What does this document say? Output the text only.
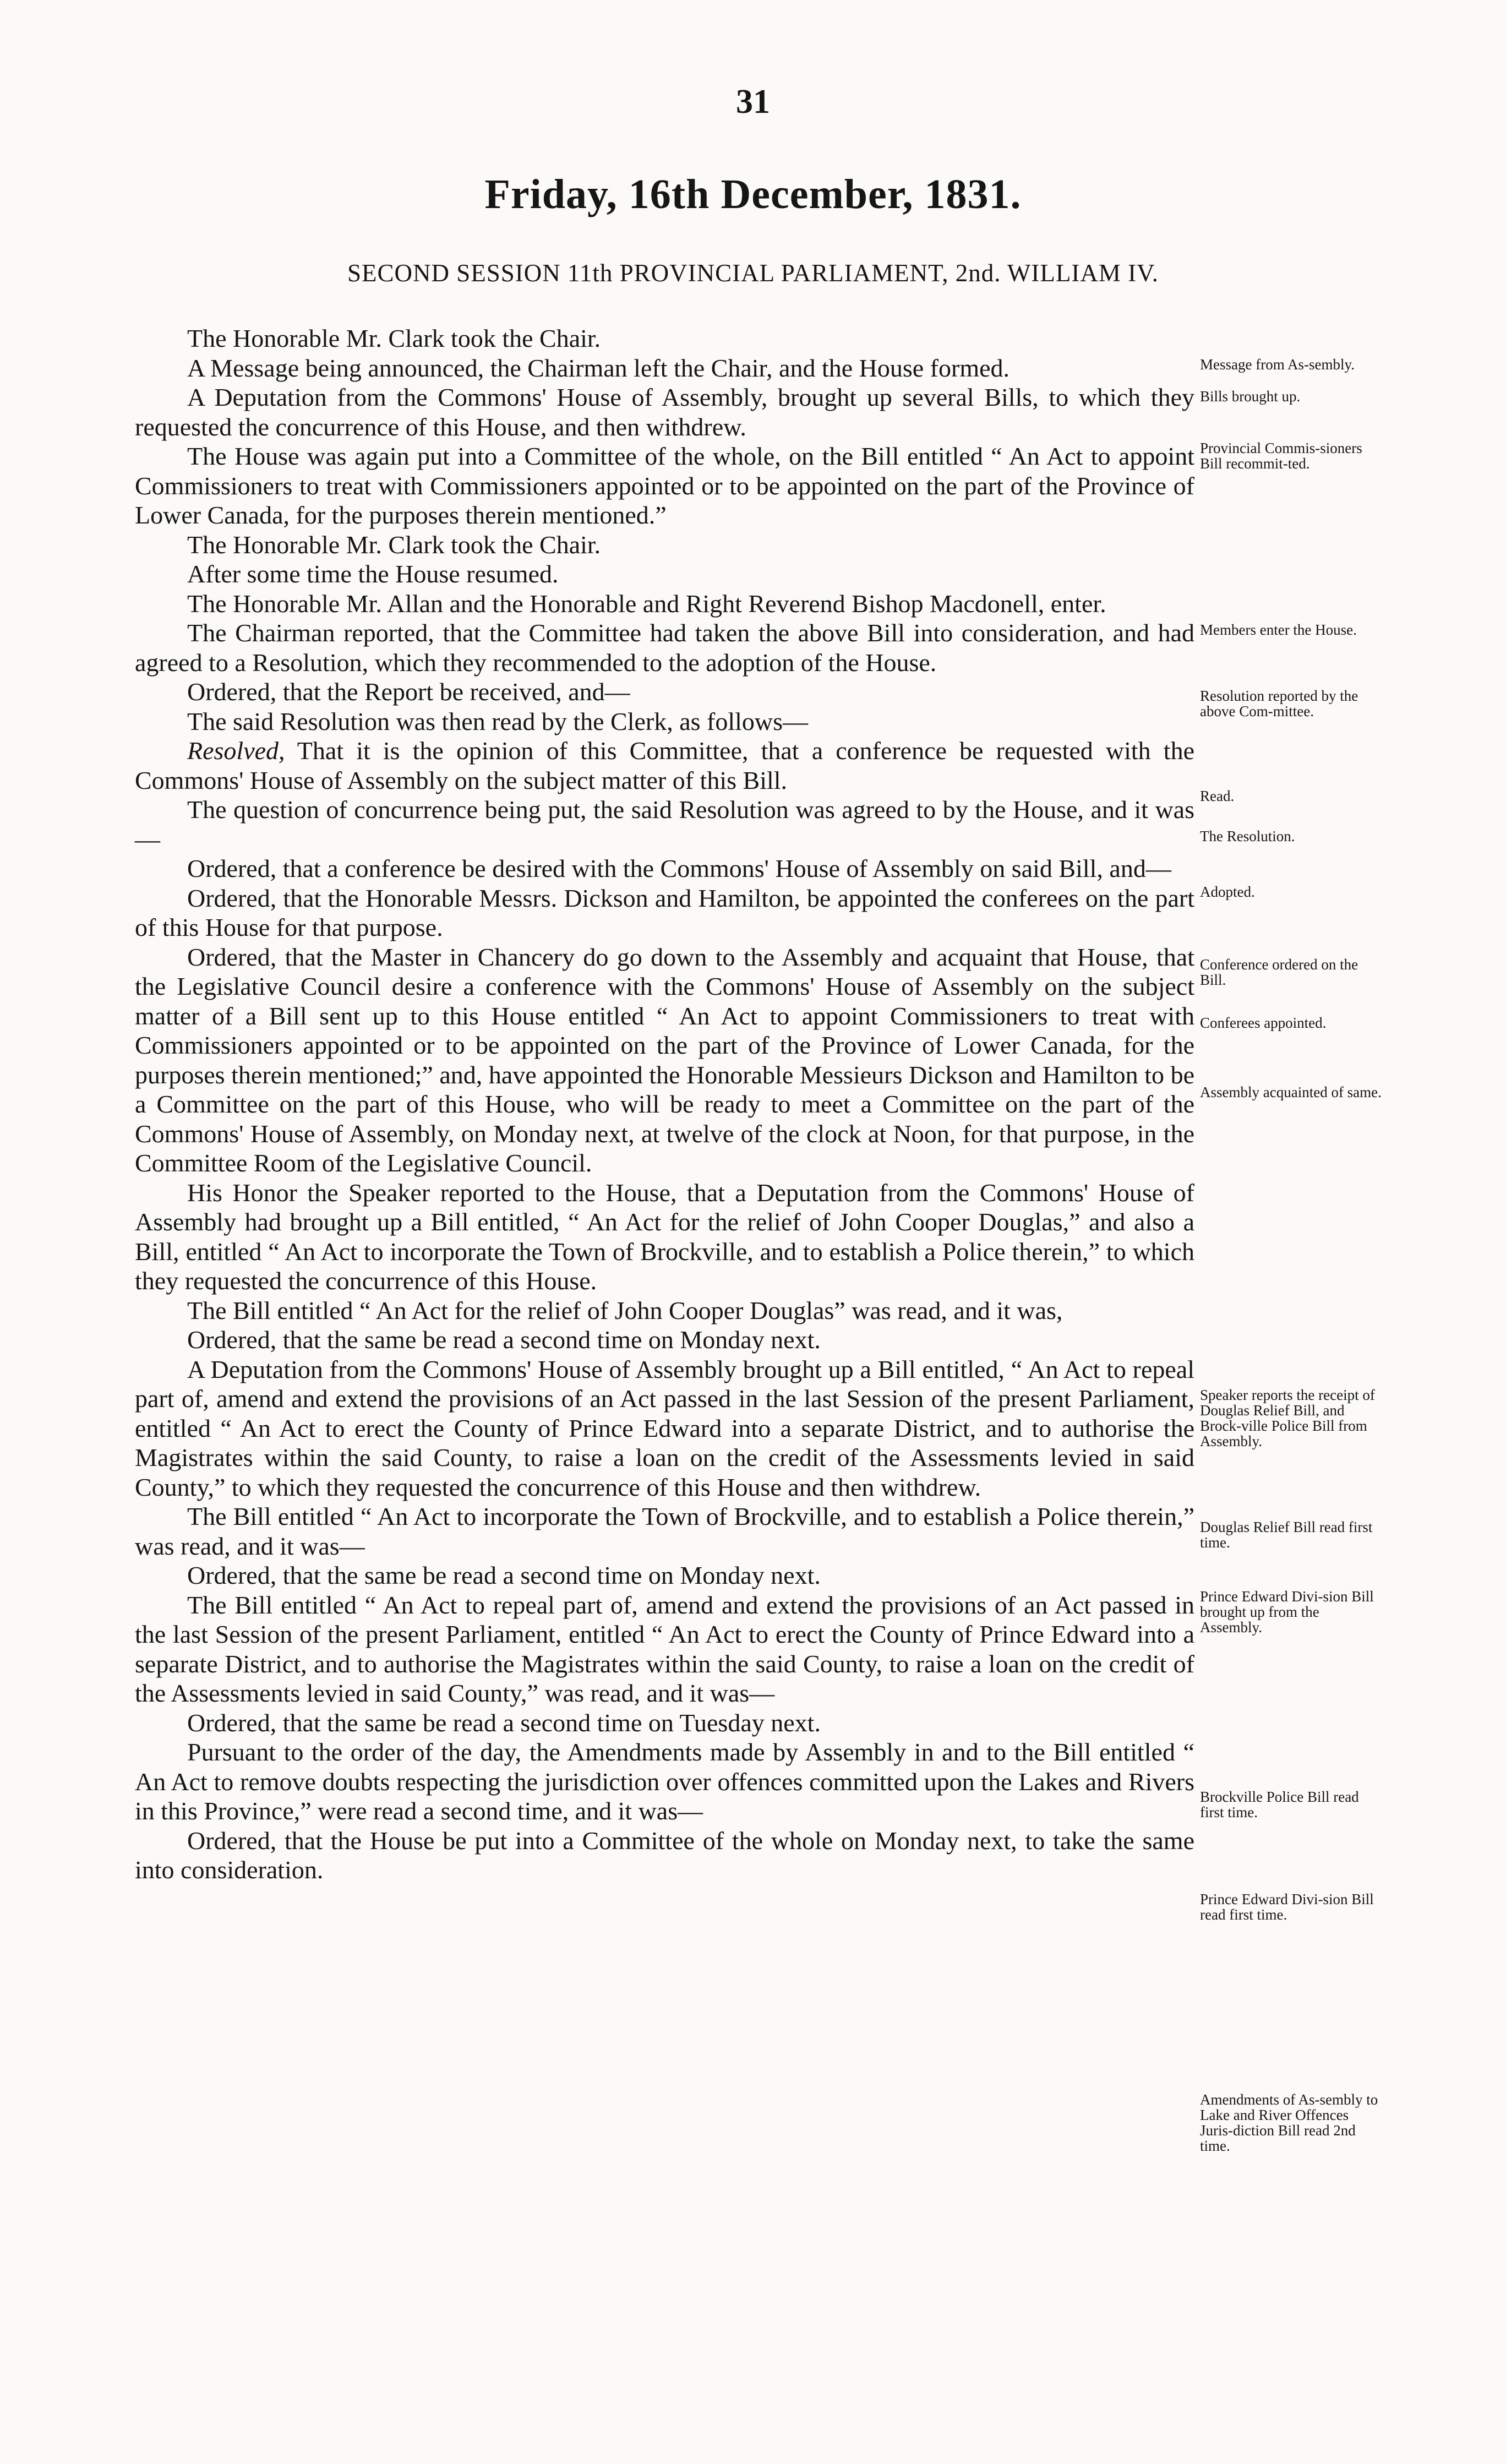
31
Friday, 16th December, 1831.
SECOND SESSION 11th PROVINCIAL PARLIAMENT, 2nd. WILLIAM IV.

The Honorable Mr. Clark took the Chair.

A Message being announced, the Chairman left the Chair, and the House formed.

A Deputation from the Commons' House of Assembly, brought up several Bills, to which they requested the concurrence of this House, and then withdrew.

The House was again put into a Committee of the whole, on the Bill entitled “ An Act to appoint Commissioners to treat with Commissioners appointed or to be appointed on the part of the Province of Lower Canada, for the purposes therein mentioned.”

The Honorable Mr. Clark took the Chair.

After some time the House resumed.

The Honorable Mr. Allan and the Honorable and Right Reverend Bishop Macdonell, enter.

The Chairman reported, that the Committee had taken the above Bill into consideration, and had agreed to a Resolution, which they recommended to the adoption of the House.

Ordered, that the Report be received, and—

The said Resolution was then read by the Clerk, as follows—

Resolved, That it is the opinion of this Committee, that a conference be requested with the Commons' House of Assembly on the subject matter of this Bill.

The question of concurrence being put, the said Resolution was agreed to by the House, and it was—

Ordered, that a conference be desired with the Commons' House of Assembly on said Bill, and—

Ordered, that the Honorable Messrs. Dickson and Hamilton, be appointed the conferees on the part of this House for that purpose.

Ordered, that the Master in Chancery do go down to the Assembly and acquaint that House, that the Legislative Council desire a conference with the Commons' House of Assembly on the subject matter of a Bill sent up to this House entitled “ An Act to appoint Commissioners to treat with Commissioners appointed or to be appointed on the part of the Province of Lower Canada, for the purposes therein mentioned;” and, have appointed the Honorable Messieurs Dickson and Hamilton to be a Committee on the part of this House, who will be ready to meet a Committee on the part of the Commons' House of Assembly, on Monday next, at twelve of the clock at Noon, for that purpose, in the Committee Room of the Legislative Council.

His Honor the Speaker reported to the House, that a Deputation from the Commons' House of Assembly had brought up a Bill entitled, “ An Act for the relief of John Cooper Douglas,” and also a Bill, entitled “ An Act to incorporate the Town of Brockville, and to establish a Police therein,” to which they requested the concurrence of this House.

The Bill entitled “ An Act for the relief of John Cooper Douglas” was read, and it was,

Ordered, that the same be read a second time on Monday next.

A Deputation from the Commons' House of Assembly brought up a Bill entitled, “ An Act to repeal part of, amend and extend the provisions of an Act passed in the last Session of the present Parliament, entitled “ An Act to erect the County of Prince Edward into a separate District, and to authorise the Magistrates within the said County, to raise a loan on the credit of the Assessments levied in said County,” to which they requested the concurrence of this House and then withdrew.

The Bill entitled “ An Act to incorporate the Town of Brockville, and to establish a Police therein,” was read, and it was—

Ordered, that the same be read a second time on Monday next.

The Bill entitled “ An Act to repeal part of, amend and extend the provisions of an Act passed in the last Session of the present Parliament, entitled “ An Act to erect the County of Prince Edward into a separate District, and to authorise the Magistrates within the said County, to raise a loan on the credit of the Assessments levied in said County,” was read, and it was—

Ordered, that the same be read a second time on Tuesday next.

Pursuant to the order of the day, the Amendments made by Assembly in and to the Bill entitled “ An Act to remove doubts respecting the jurisdiction over offences committed upon the Lakes and Rivers in this Province,” were read a second time, and it was—

Ordered, that the House be put into a Committee of the whole on Monday next, to take the same into consideration.

Message from As-sembly.
Bills brought up.
Provincial Commis-sioners Bill recommit-ted.
Members enter the House.
Resolution reported by the above Com-mittee.
Read.
The Resolution.
Adopted.
Conference ordered on the Bill.
Conferees appointed.
Assembly acquainted of same.
Speaker reports the receipt of Douglas Relief Bill, and Brock-ville Police Bill from Assembly.
Douglas Relief Bill read first time.
Prince Edward Divi-sion Bill brought up from the Assembly.
Brockville Police Bill read first time.
Prince Edward Divi-sion Bill read first time.
Amendments of As-sembly to Lake and River Offences Juris-diction Bill read 2nd time.
